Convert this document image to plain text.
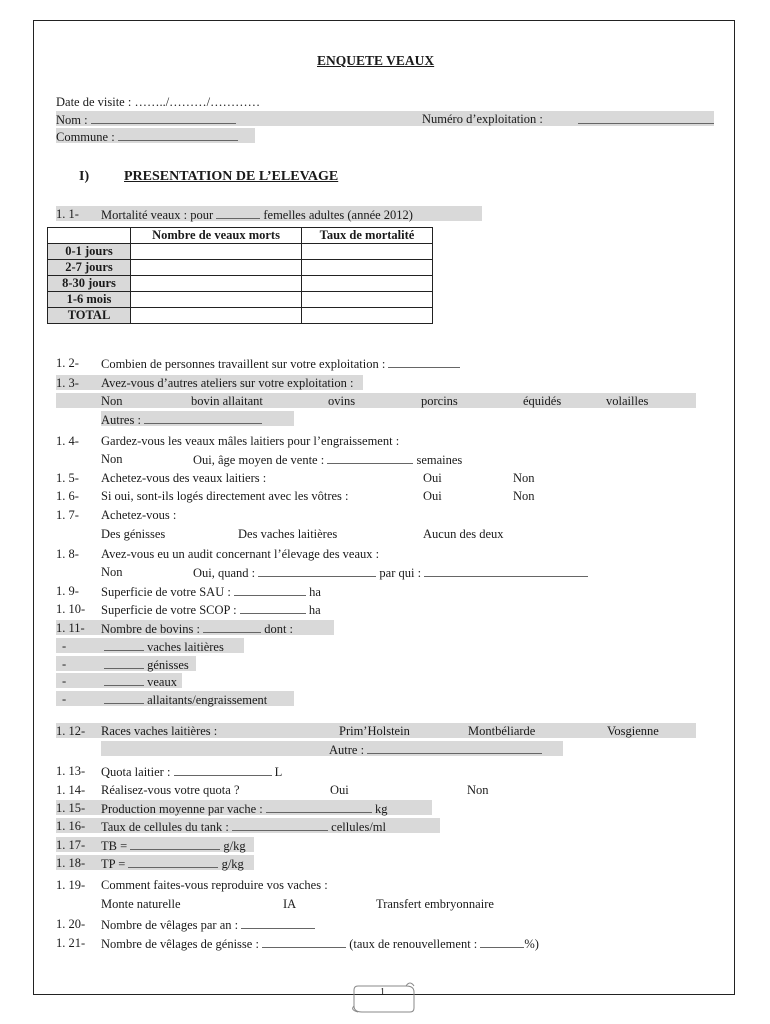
ENQUETE VEAUX
Date de visite : ……../………/…………
Nom :	Numéro d’exploitation :
Commune :
I) PRESENTATION DE L’ELEVAGE
1. 1- Mortalité veaux : pour	femelles adultes (année 2012)
	Nombre de veaux morts	Taux de mortalité
0-1 jours		
2-7 jours		
8-30 jours		
1-6 mois		
TOTAL		
1. 2-	Combien de personnes travaillent sur votre exploitation :
1. 3- Avez-vous d’autres ateliers sur votre exploitation :
Non	bovin allaitant	ovins	porcins	équidés	volailles
Autres :
1. 4-	Gardez-vous les veaux mâles laitiers pour l’engraissement :
Non	Oui, âge moyen de vente :	semaines
1. 5-	Achetez-vous des veaux laitiers :	Oui	Non
1. 6-	Si oui, sont-ils logés directement avec les vôtres :	Oui	Non
1. 7-	Achetez-vous :
Des génisses	Des vaches laitières	Aucun des deux
1. 8-	Avez-vous eu un audit concernant l’élevage des veaux :
Non	Oui, quand :	par qui :
1. 9-	Superficie de votre SAU :	ha
1. 10-	Superficie de votre SCOP :	ha
1. 11- Nombre de bovins :	dont :
-	vaches laitières
-	génisses
-	veaux
-	allaitants/engraissement
1. 12- Races vaches laitières :	Prim’Holstein	Montbéliarde	Vosgienne
Autre :
1. 13-	Quota laitier :	L
1. 14-	Réalisez-vous votre quota ?	Oui	Non
1. 15- Production moyenne par vache :	kg
1. 16- Taux de cellules du tank :	cellules/ml
1. 17- TB =	g/kg
1. 18- TP =	g/kg
1. 19-	Comment faites-vous reproduire vos vaches :
Monte naturelle	IA	Transfert embryonnaire
1. 20-	Nombre de vêlages par an :
1. 21-	Nombre de vêlages de génisse :	(taux de renouvellement :	%)
1
